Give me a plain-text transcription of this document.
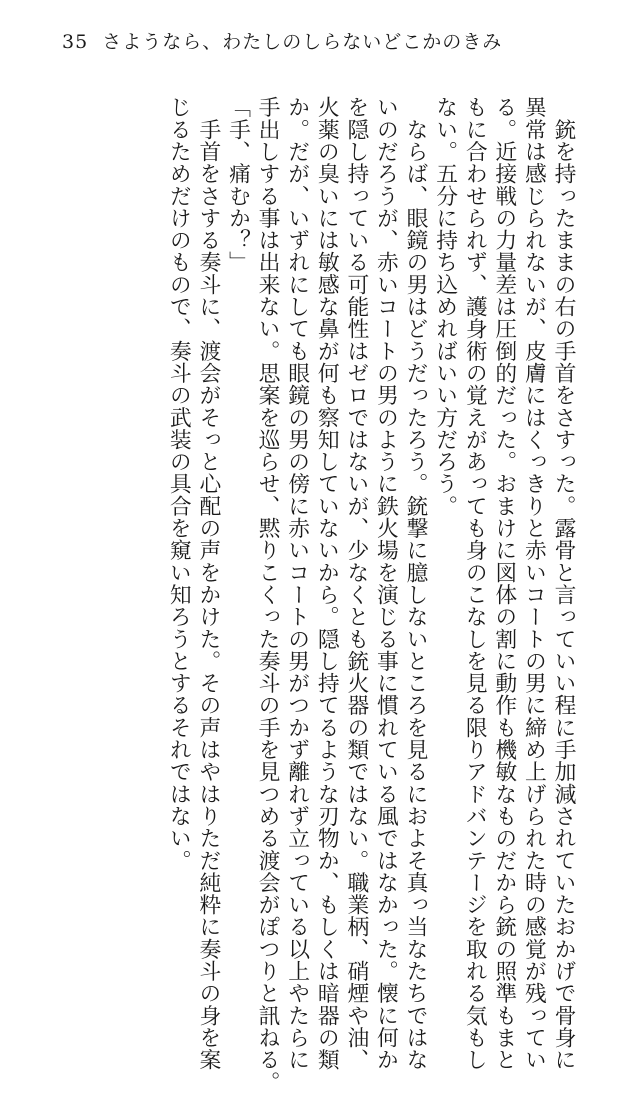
35 さようなら、わたしのしらないどこかのきみ
　銃を持ったままの右の手首をさすった。露骨と言っていい程に手加減されていたおかげで骨身に
異常は感じられないが、皮膚にはくっきりと赤いコートの男に締め上げられた時の感覚が残ってい
る。近接戦の力量差は圧倒的だった。おまけに図体の割に動作も機敏なものだから銃の照準もまと
もに合わせられず、護身術の覚えがあっても身のこなしを見る限りアドバンテージを取れる気もし
ない。五分に持ち込めればいい方だろう。
　ならば、眼鏡の男はどうだったろう。銃撃に臆しないところを見るにおよそ真っ当なたちではな
いのだろうが、赤いコートの男のように鉄火場を演じる事に慣れている風ではなかった。懐に何か
を隠し持っている可能性はゼロではないが、少なくとも銃火器の類ではない。職業柄、硝煙や油、
火薬の臭いには敏感な鼻が何も察知していないから。隠し持てるような刃物か、もしくは暗器の類
か。だが、いずれにしても眼鏡の男の傍に赤いコートの男がつかず離れず立っている以上やたらに
手出しする事は出来ない。思案を巡らせ、黙りこくった奏斗の手を見つめる渡会がぽつりと訊ねる。
「手、痛むか？」
　手首をさする奏斗に、渡会がそっと心配の声をかけた。その声はやはりただ純粋に奏斗の身を案
じるためだけのもので、奏斗の武装の具合を窺い知ろうとするそれではない。
